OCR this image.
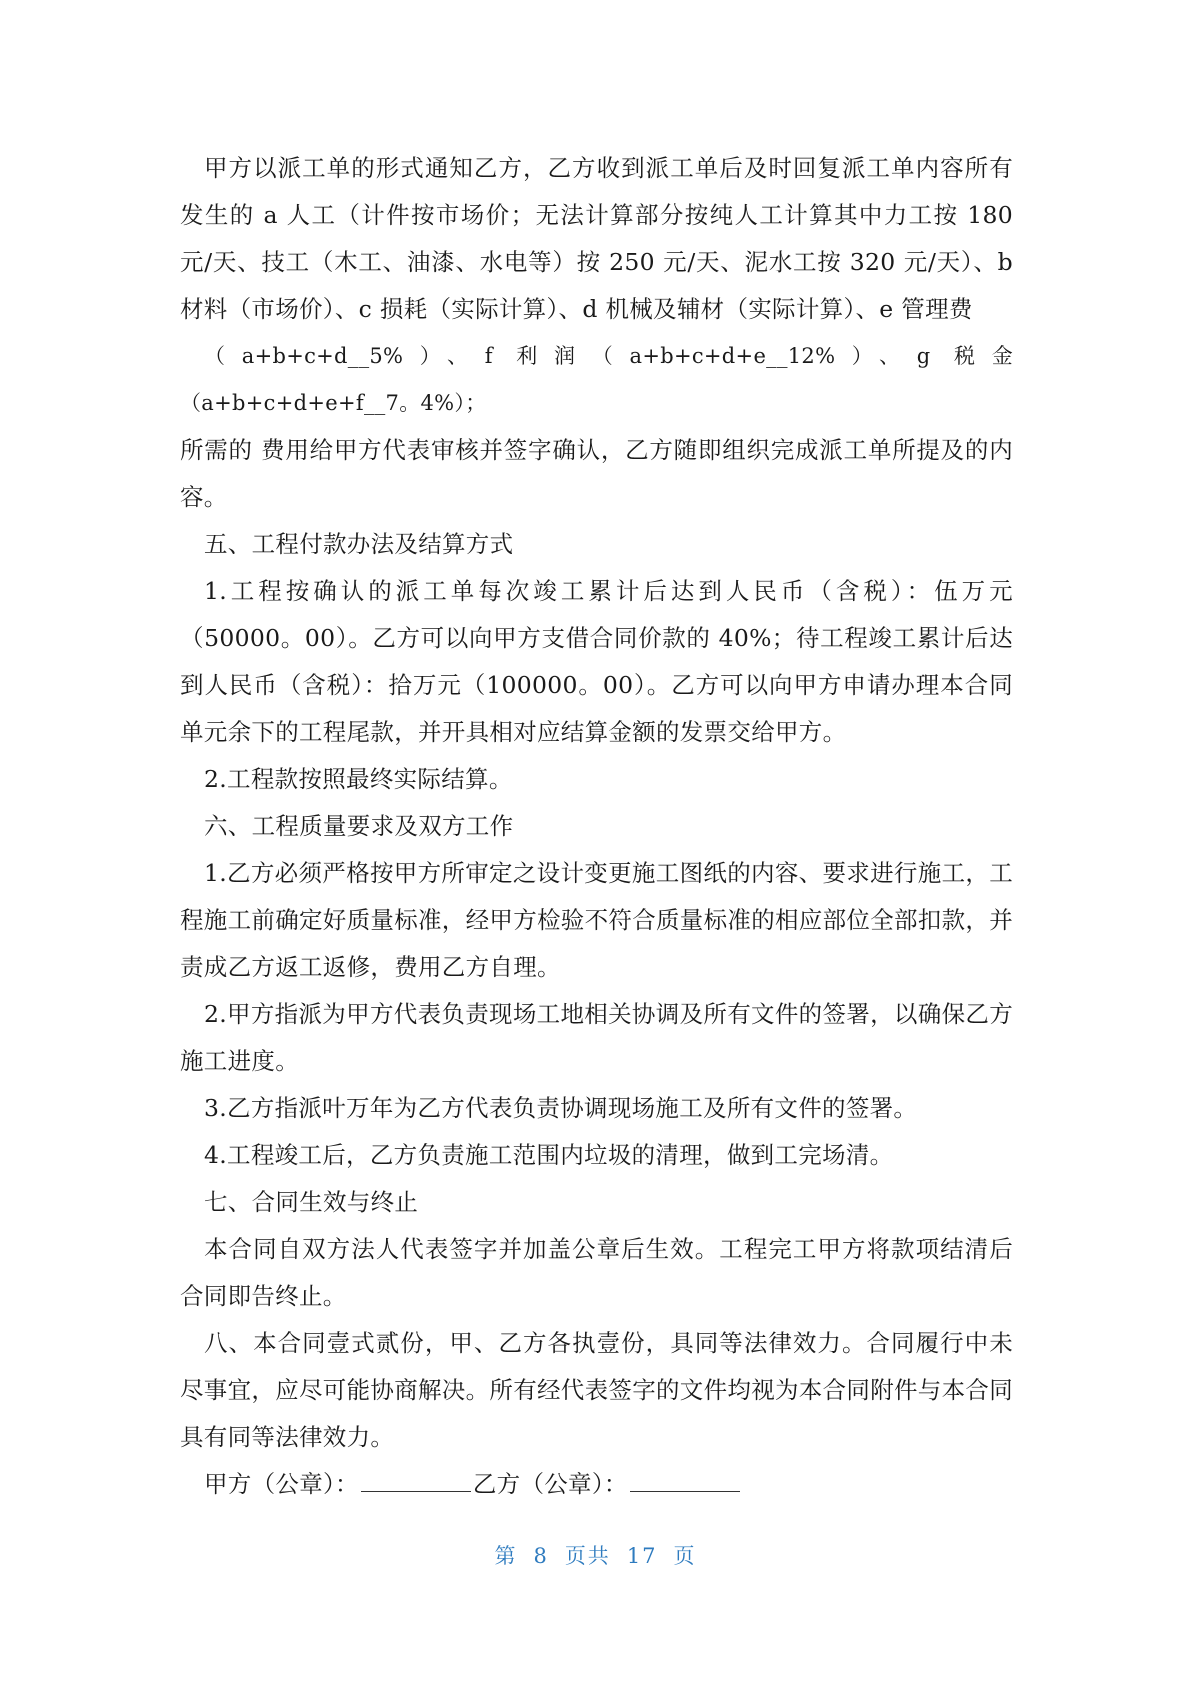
甲方以派工单的形式通知乙方，乙方收到派工单后及时回复派工单内容所有发生的 a 人工（计件按市场价；无法计算部分按纯人工计算其中力工按 180 元/天、技工（木工、油漆、水电等）按 250 元/天、泥水工按 320 元/天）、b 材料（市场价）、c 损耗（实际计算）、d 机械及辅材（实际计算）、e 管理费

（a+b+c+d__5%）、f 利润（a+b+c+d+e__12%）、g 税金（a+b+c+d+e+f__7。4%）；

所需的 费用给甲方代表审核并签字确认，乙方随即组织完成派工单所提及的内容。

五、工程付款办法及结算方式

1.工程按确认的派工单每次竣工累计后达到人民币（含税）：伍万元（50000。00）。乙方可以向甲方支借合同价款的 40%；待工程竣工累计后达到人民币（含税）：拾万元（100000。00）。乙方可以向甲方申请办理本合同单元余下的工程尾款，并开具相对应结算金额的发票交给甲方。

2.工程款按照最终实际结算。

六、工程质量要求及双方工作

1.乙方必须严格按甲方所审定之设计变更施工图纸的内容、要求进行施工，工程施工前确定好质量标准，经甲方检验不符合质量标准的相应部位全部扣款，并责成乙方返工返修，费用乙方自理。

2.甲方指派为甲方代表负责现场工地相关协调及所有文件的签署，以确保乙方施工进度。

3.乙方指派叶万年为乙方代表负责协调现场施工及所有文件的签署。

4.工程竣工后，乙方负责施工范围内垃圾的清理，做到工完场清。

七、合同生效与终止

本合同自双方法人代表签字并加盖公章后生效。工程完工甲方将款项结清后合同即告终止。

八、本合同壹式贰份，甲、乙方各执壹份，具同等法律效力。合同履行中未尽事宜，应尽可能协商解决。所有经代表签字的文件均视为本合同附件与本合同具有同等法律效力。

甲方（公章）：	乙方（公章）：

第 8 页共 17 页
